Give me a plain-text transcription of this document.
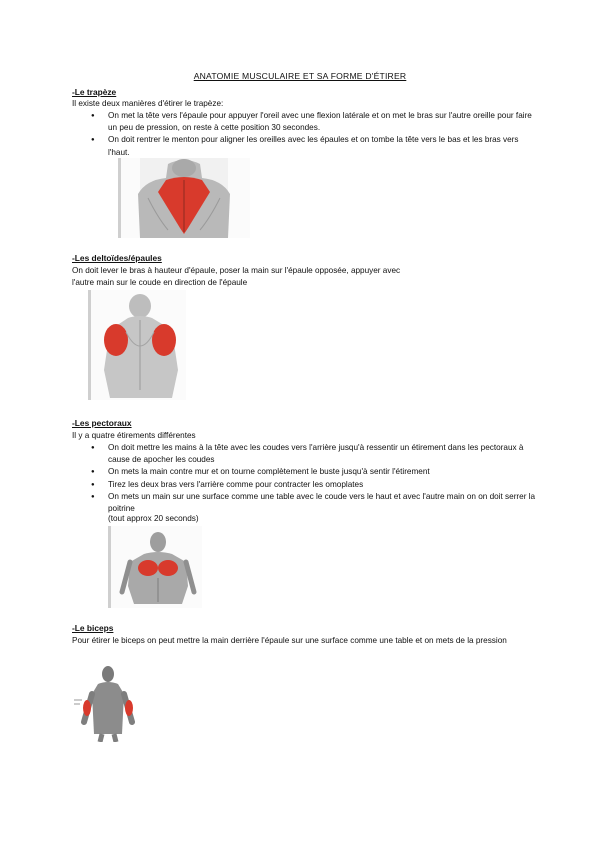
ANATOMIE MUSCULAIRE ET SA FORME D'ÉTIRER
-Le trapèze
Il existe deux manières d'étirer le trapèze:
● On met la tête vers l'épaule pour appuyer l'oreil avec une flexion latérale et on met le bras sur l'autre oreille pour faire un peu de pression, on reste à cette position 30 secondes.
● On doit rentrer le menton pour aligner les oreilles avec les épaules et on tombe la tête vers le bas et les bras vers l'haut.
-Les deltoïdes/épaules
On doit lever le bras à hauteur d'épaule, poser la main sur l'épaule opposée, appuyer avec
l'autre main sur le coude en direction de l'épaule
-Les pectoraux
Il y a quatre étirements différentes
● On doit mettre les mains à la tête avec les coudes vers l'arrière jusqu'à ressentir un étirement dans les pectoraux à cause de apocher les coudes
● On mets la main contre mur et on tourne complètement le buste jusqu'à sentir l'étirement
● Tirez les deux bras vers l'arrière comme pour contracter les omoplates
● On mets un main sur une surface comme une table avec le coude vers le haut et avec l'autre main on on doit serrer la poitrine
(tout approx 20 seconds)
-Le biceps
Pour étirer le biceps on peut mettre la main derrière l'épaule sur une surface comme une table et on mets de la pression
